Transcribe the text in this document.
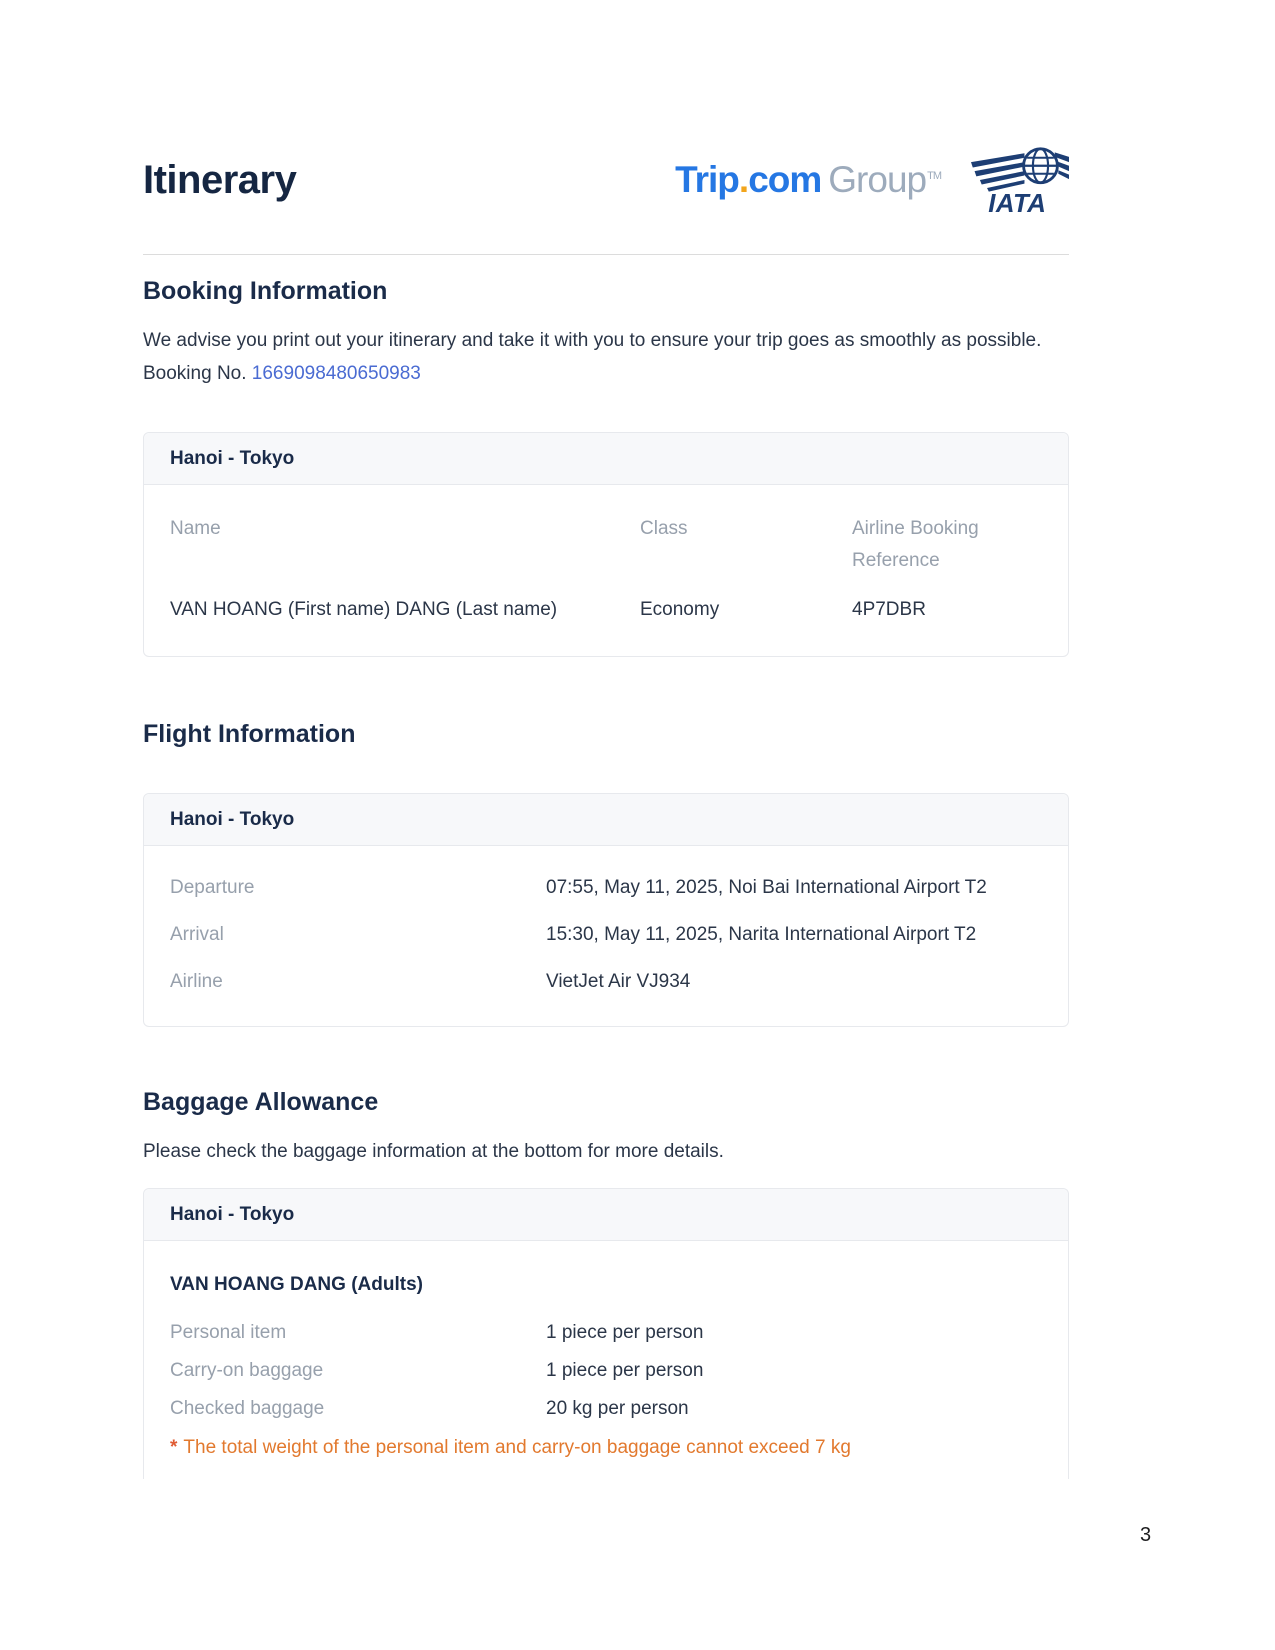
Itinerary	Trip.com Group™
IATA
Booking Information
We advise you print out your itinerary and take it with you to ensure your trip goes as smoothly as possible.
Booking No. 1669098480650983
Hanoi - Tokyo
Name	Class	Airline Booking Reference
VAN HOANG (First name) DANG (Last name)	Economy	4P7DBR
Flight Information
Hanoi - Tokyo
Departure	07:55, May 11, 2025, Noi Bai International Airport T2
Arrival	15:30, May 11, 2025, Narita International Airport T2
Airline	VietJet Air VJ934
Baggage Allowance
Please check the baggage information at the bottom for more details.
Hanoi - Tokyo
VAN HOANG DANG (Adults)
Personal item	1 piece per person
Carry-on baggage	1 piece per person
Checked baggage	20 kg per person
* The total weight of the personal item and carry-on baggage cannot exceed 7 kg
3
